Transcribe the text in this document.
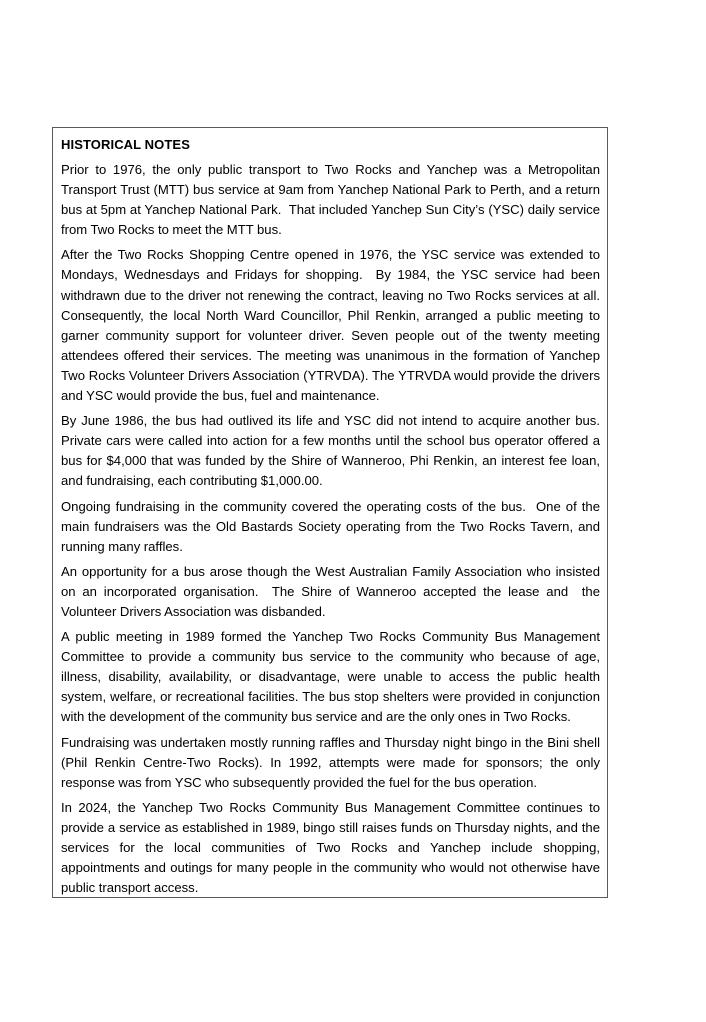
HISTORICAL NOTES
Prior to 1976, the only public transport to Two Rocks and Yanchep was a Metropolitan Transport Trust (MTT) bus service at 9am from Yanchep National Park to Perth, and a return bus at 5pm at Yanchep National Park.  That included Yanchep Sun City’s (YSC) daily service from Two Rocks to meet the MTT bus.
After the Two Rocks Shopping Centre opened in 1976, the YSC service was extended to Mondays, Wednesdays and Fridays for shopping.  By 1984, the YSC service had been withdrawn due to the driver not renewing the contract, leaving no Two Rocks services at all.  Consequently, the local North Ward Councillor, Phil Renkin, arranged a public meeting to garner community support for volunteer driver. Seven people out of the twenty meeting attendees offered their services. The meeting was unanimous in the formation of Yanchep Two Rocks Volunteer Drivers Association (YTRVDA). The YTRVDA would provide the drivers and YSC would provide the bus, fuel and maintenance.
By June 1986, the bus had outlived its life and YSC did not intend to acquire another bus.  Private cars were called into action for a few months until the school bus operator offered a bus for $4,000 that was funded by the Shire of Wanneroo, Phi Renkin, an interest fee loan, and fundraising, each contributing $1,000.00.
Ongoing fundraising in the community covered the operating costs of the bus.  One of the main fundraisers was the Old Bastards Society operating from the Two Rocks Tavern, and running many raffles.
An opportunity for a bus arose though the West Australian Family Association who insisted on an incorporated organisation.  The Shire of Wanneroo accepted the lease and  the Volunteer Drivers Association was disbanded.
A public meeting in 1989 formed the Yanchep Two Rocks Community Bus Management Committee to provide a community bus service to the community who because of age, illness, disability, availability, or disadvantage, were unable to access the public health system, welfare, or recreational facilities. The bus stop shelters were provided in conjunction with the development of the community bus service and are the only ones in Two Rocks.
Fundraising was undertaken mostly running raffles and Thursday night bingo in the Bini shell (Phil Renkin Centre-Two Rocks). In 1992, attempts were made for sponsors; the only response was from YSC who subsequently provided the fuel for the bus operation.
In 2024, the Yanchep Two Rocks Community Bus Management Committee continues to provide a service as established in 1989, bingo still raises funds on Thursday nights, and the services for the local communities of Two Rocks and Yanchep include shopping, appointments and outings for many people in the community who would not otherwise have public transport access.
